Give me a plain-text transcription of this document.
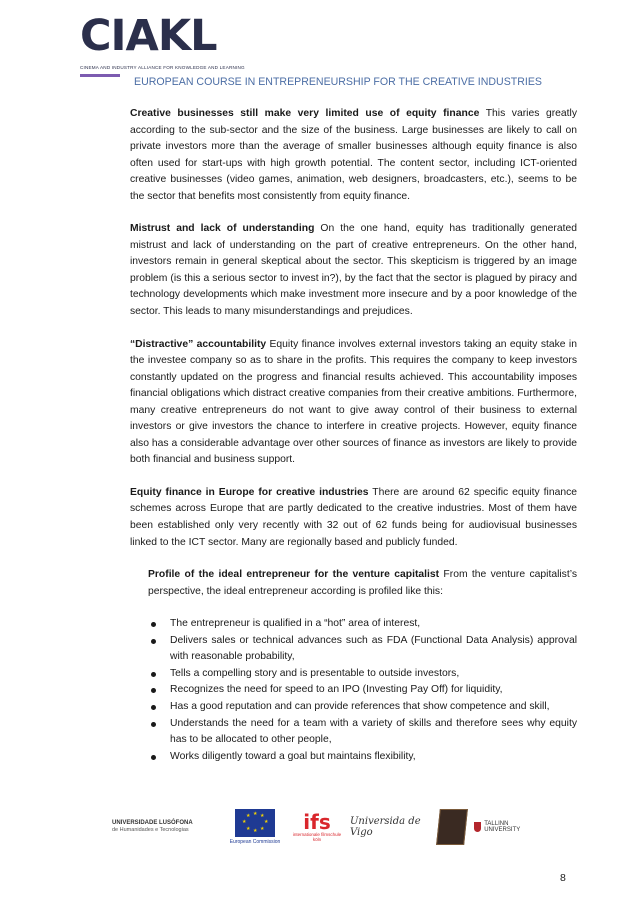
CIAKL
CINEMA AND INDUSTRY ALLIANCE FOR KNOWLEDGE AND LEARNING
EUROPEAN COURSE IN ENTREPRENEURSHIP FOR THE CREATIVE INDUSTRIES

Creative businesses still make very limited use of equity finance This varies greatly according to the sub-sector and the size of the business. Large businesses are likely to call on private investors more than the average of smaller businesses although equity finance is also often used for start-ups with high growth potential. The content sector, including ICT-oriented creative businesses (video games, animation, web designers, broadcasters, etc.), seems to be the sector that benefits most consistently from equity finance.

Mistrust and lack of understanding On the one hand, equity has traditionally generated mistrust and lack of understanding on the part of creative entrepreneurs. On the other hand, investors remain in general skeptical about the sector. This skepticism is triggered by an image problem (is this a serious sector to invest in?), by the fact that the sector is plagued by piracy and technology developments which make investment more insecure and by a poor knowledge of the sector. This leads to many misunderstandings and prejudices.

“Distractive” accountability Equity finance involves external investors taking an equity stake in the investee company so as to share in the profits. This requires the company to keep investors constantly updated on the progress and financial results achieved. This accountability imposes financial obligations which distract creative companies from their creative ambitions. Furthermore, many creative entrepreneurs do not want to give away control of their business to external investors or give investors the chance to interfere in creative projects. However, equity finance also has a considerable advantage over other sources of finance as investors are likely to provide both financial and business support.

Equity finance in Europe for creative industries There are around 62 specific equity finance schemes across Europe that are partly dedicated to the creative industries. Most of them have been established only very recently with 32 out of 62 funds being for audiovisual businesses linked to the ICT sector. Many are regionally based and publicly funded.

Profile of the ideal entrepreneur for the venture capitalist From the venture capitalist’s perspective, the ideal entrepreneur according is profiled like this:

The entrepreneur is qualified in a “hot” area of interest,
Delivers sales or technical advances such as FDA (Functional Data Analysis) approval with reasonable probability,
Tells a compelling story and is presentable to outside investors,
Recognizes the need for speed to an IPO (Investing Pay Off) for liquidity,
Has a good reputation and can provide references that show competence and skill,
Understands the need for a team with a variety of skills and therefore sees why equity has to be allocated to other people,
Works diligently toward a goal but maintains flexibility,
UNIVERSIDADE LUSÓFONA
de Humanidades e Tecnologias
★ ★
★
★
★
★
★
★
European Commission
ifs
internationale filmschule köln
Universida de Vigo
TALLINN UNIVERSITY
8
